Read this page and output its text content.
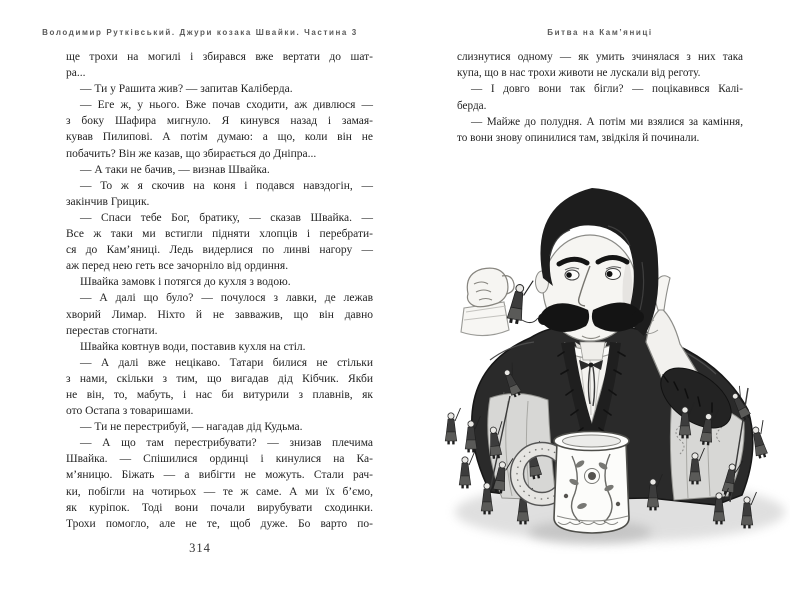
Володимир Рутківський. Джури козака Швайки. Частина 3	Битва на Кам’яниці
ще трохи на могилі і збирався вже вертати до шат-
ра...
— Ти у Рашита жив? — запитав Каліберда.
— Еге ж, у нього. Вже почав сходити, аж дивлюся —
з боку Шафира мигнуло. Я кинувся назад і замая-
кував Пилипові. А потім думаю: а що, коли він не
побачить? Він же казав, що збирається до Дніпра...
— А таки не бачив, — визнав Швайка.
— То ж я скочив на коня і подався навздогін, —
закінчив Грицик.
— Спаси тебе Бог, братику, — сказав Швайка. —
Все ж таки ми встигли підняти хлопців і перебрати-
ся до Кам’яниці. Ледь видерлися по линві нагору —
аж перед нею геть все зачорніло від ординня.
Швайка замовк і потягся до кухля з водою.
— А далі що було? — почулося з лавки, де лежав
хворий Лимар. Ніхто й не завважив, що він давно
перестав стогнати.
Швайка ковтнув води, поставив кухля на стіл.
— А далі вже нецікаво. Татари билися не стільки
з нами, скільки з тим, що вигадав дід Кібчик. Якби
не він, то, мабуть, і нас би витурили з плавнів, як
ото Остапа з товаришами.
— Ти не перестрибуй, — нагадав дід Кудьма.
— А що там перестрибувати? — знизав плечима
Швайка. — Спішилися ординці і кинулися на Ка-
м’яницю. Біжать — а вибігти не можуть. Стали рач-
ки, побігли на чотирьох — те ж саме. А ми їх б’ємо,
як куріпок. Тоді вони почали вирубувати сходинки.
Трохи помогло, але не те, щоб дуже. Бо варто по-
слизнутися одному — як умить зчинялася з них така
купа, що в нас трохи животи не лускали від реготу.
— І довго вони так бігли? — поцікавився Калі-
берда.
— Майже до полудня. А потім ми взялися за каміння,
то вони знову опинилися там, звідкіля й починали.
314
